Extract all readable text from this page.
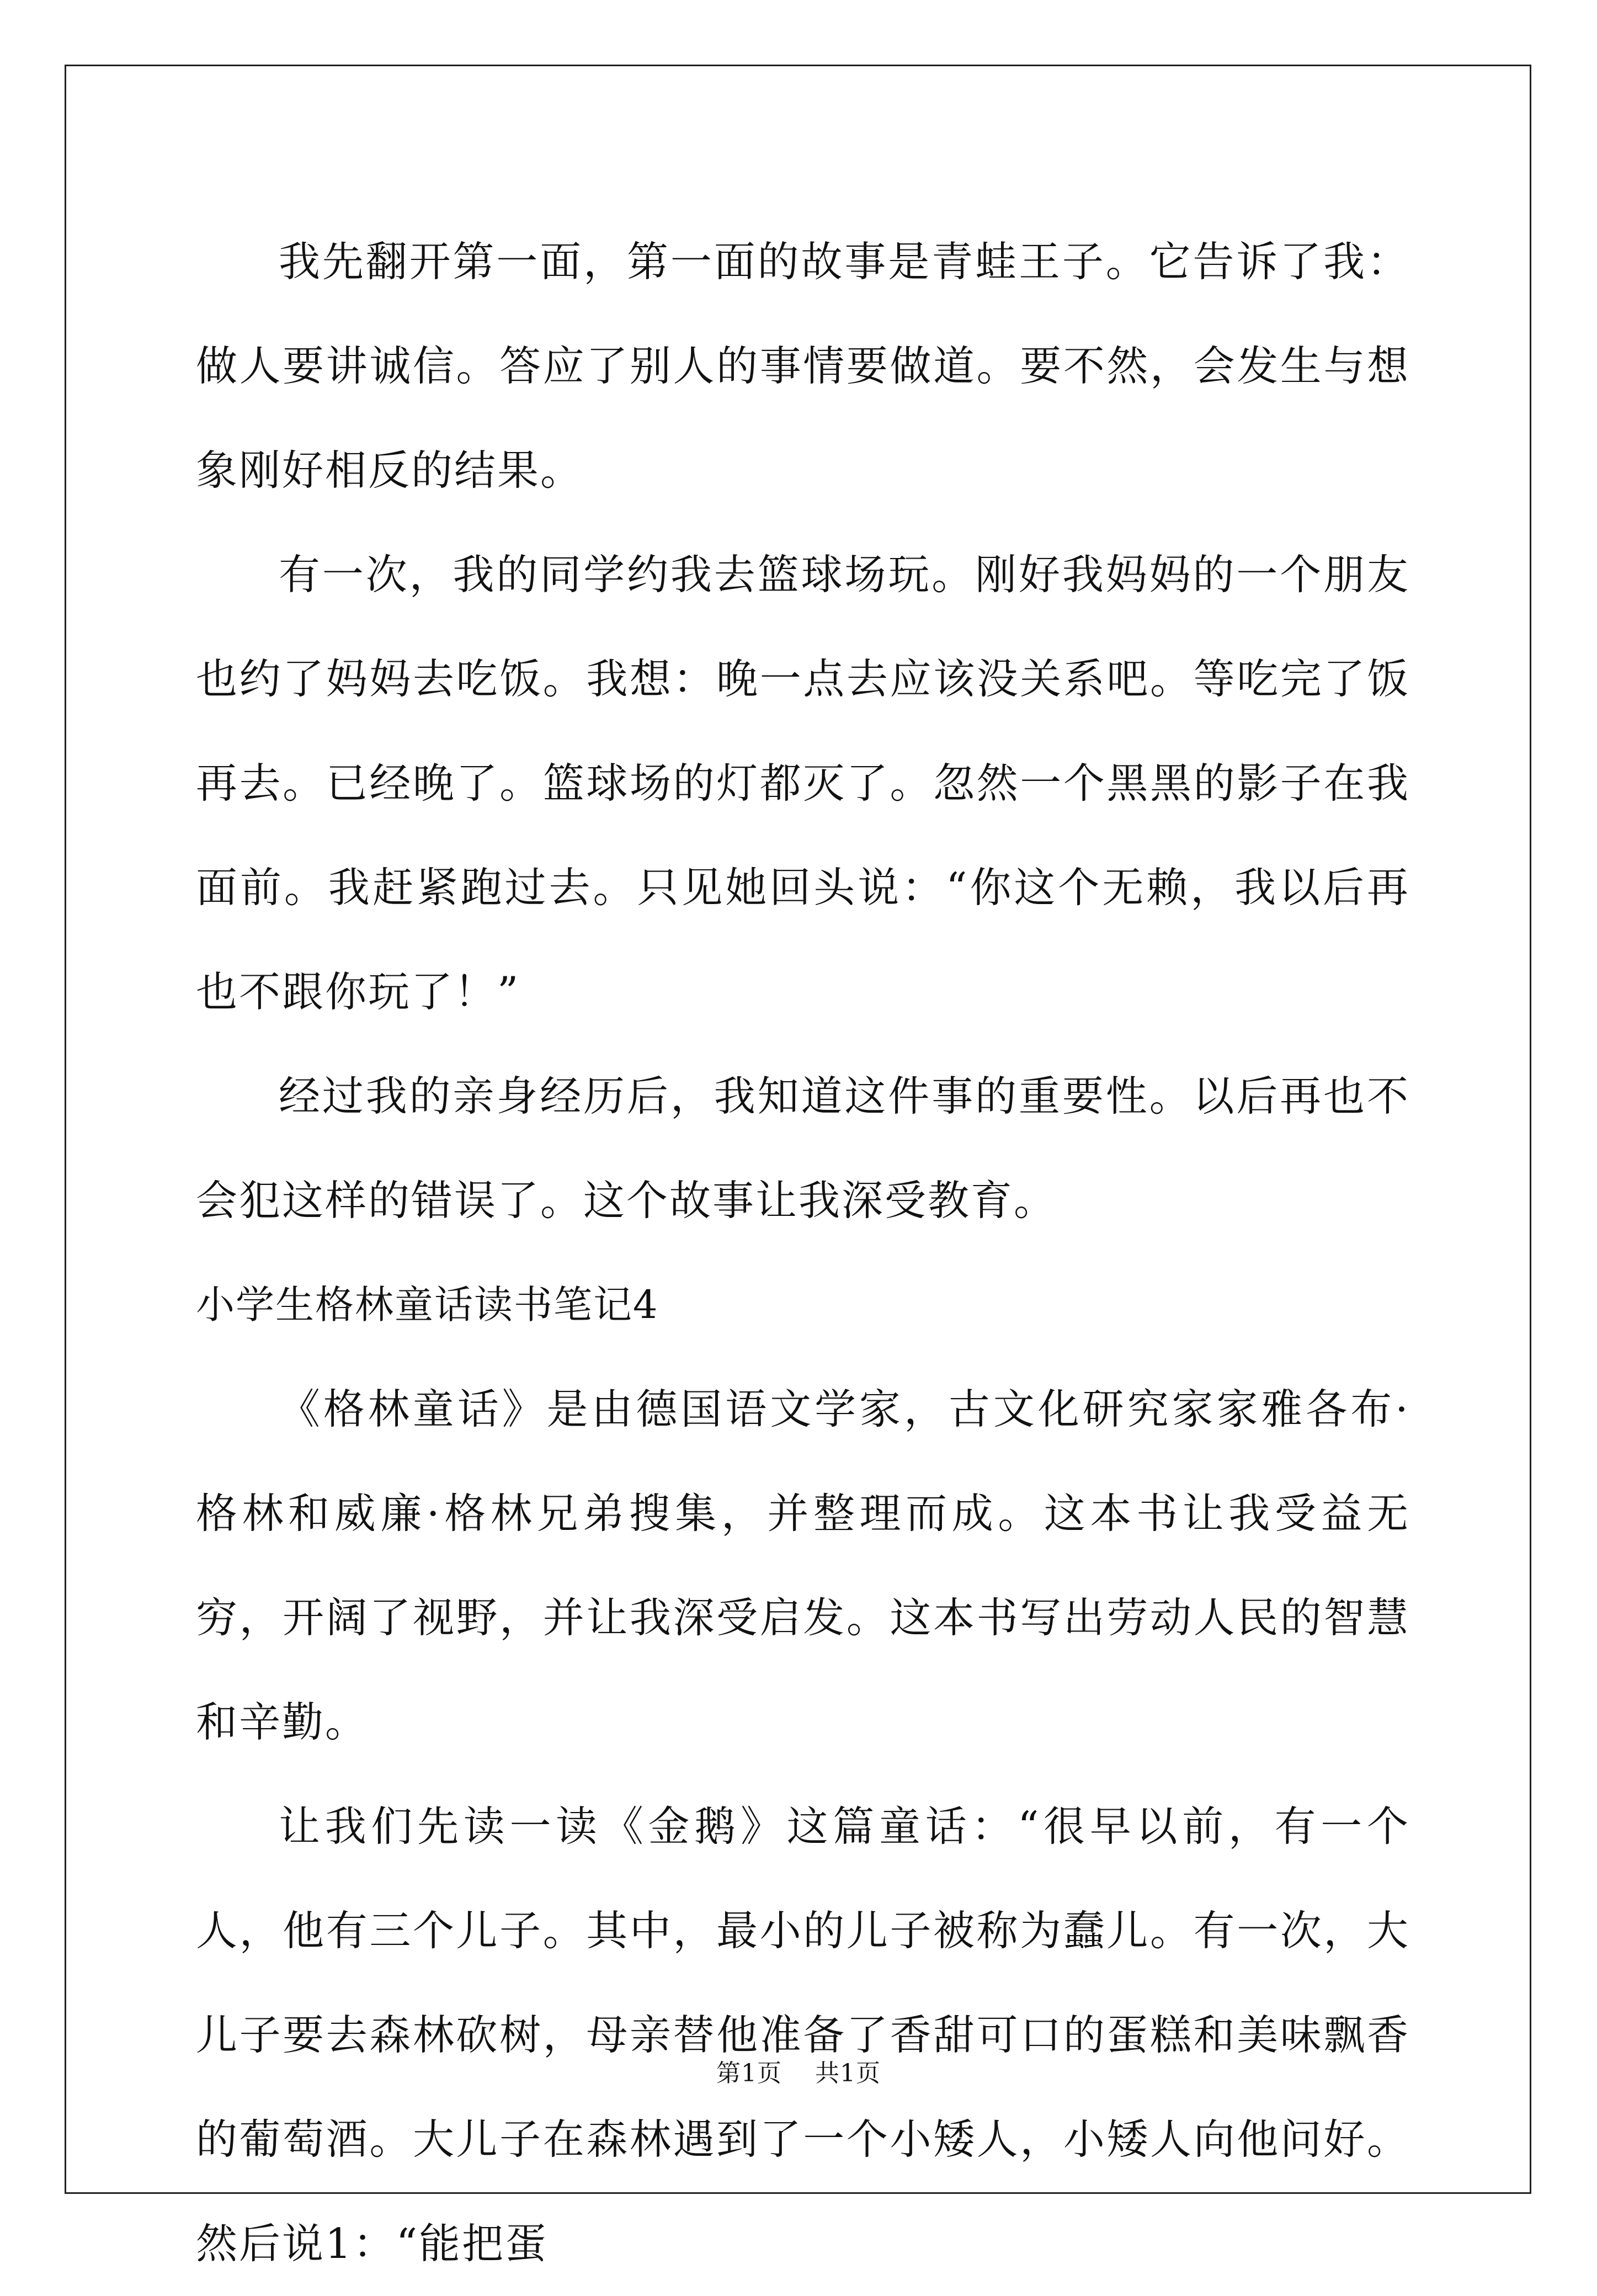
我先翻开第一面，第一面的故事是青蛙王子。它告诉了我：做人要讲诚信。答应了别人的事情要做道。要不然，会发生与想象刚好相反的结果。

有一次，我的同学约我去篮球场玩。刚好我妈妈的一个朋友也约了妈妈去吃饭。我想：晚一点去应该没关系吧。等吃完了饭再去。已经晚了。篮球场的灯都灭了。忽然一个黑黑的影子在我面前。我赶紧跑过去。只见她回头说：“你这个无赖，我以后再也不跟你玩了！”

经过我的亲身经历后，我知道这件事的重要性。以后再也不会犯这样的错误了。这个故事让我深受教育。

小学生格林童话读书笔记4

《格林童话》是由德国语文学家，古文化研究家家雅各布·格林和威廉·格林兄弟搜集，并整理而成。这本书让我受益无穷，开阔了视野，并让我深受启发。这本书写出劳动人民的智慧和辛勤。

让我们先读一读《金鹅》这篇童话：“很早以前，有一个人，他有三个儿子。其中，最小的儿子被称为蠢儿。有一次，大儿子要去森林砍树，母亲替他准备了香甜可口的蛋糕和美味飘香的葡萄酒。大儿子在森林遇到了一个小矮人，小矮人向他问好。然后说1：“能把蛋

第1页 共1页
